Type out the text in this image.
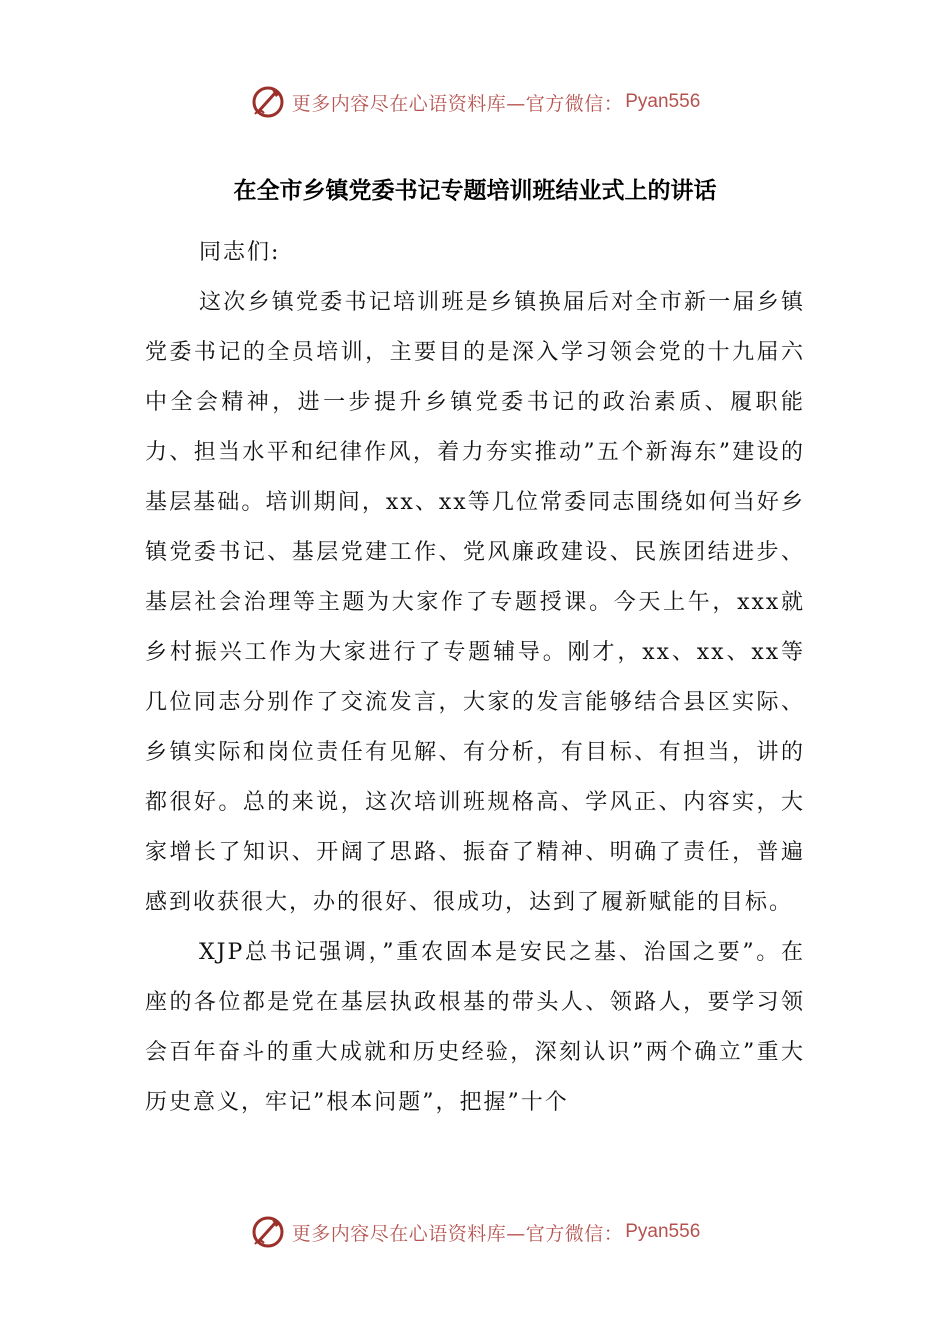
更多内容尽在心语资料库—官方微信： Pyan556
在全市乡镇党委书记专题培训班结业式上的讲话

同志们:

这次乡镇党委书记培训班是乡镇换届后对全市新一届乡镇党委书记的全员培训，主要目的是深入学习领会党的十九届六中全会精神，进一步提升乡镇党委书记的政治素质、履职能力、担当水平和纪律作风，着力夯实推动”五个新海东”建设的基层基础。培训期间，xx、xx等几位常委同志围绕如何当好乡镇党委书记、基层党建工作、党风廉政建设、民族团结进步、基层社会治理等主题为大家作了专题授课。今天上午，xxx就乡村振兴工作为大家进行了专题辅导。刚才，xx、xx、xx等几位同志分别作了交流发言，大家的发言能够结合县区实际、乡镇实际和岗位责任有见解、有分析，有目标、有担当，讲的都很好。总的来说，这次培训班规格高、学风正、内容实，大家增长了知识、开阔了思路、振奋了精神、明确了责任，普遍感到收获很大，办的很好、很成功，达到了履新赋能的目标。

XJP总书记强调，”重农固本是安民之基、治国之要”。在座的各位都是党在基层执政根基的带头人、领路人，要学习领会百年奋斗的重大成就和历史经验，深刻认识”两个确立”重大历史意义，牢记”根本问题”，把握”十个

更多内容尽在心语资料库—官方微信： Pyan556
